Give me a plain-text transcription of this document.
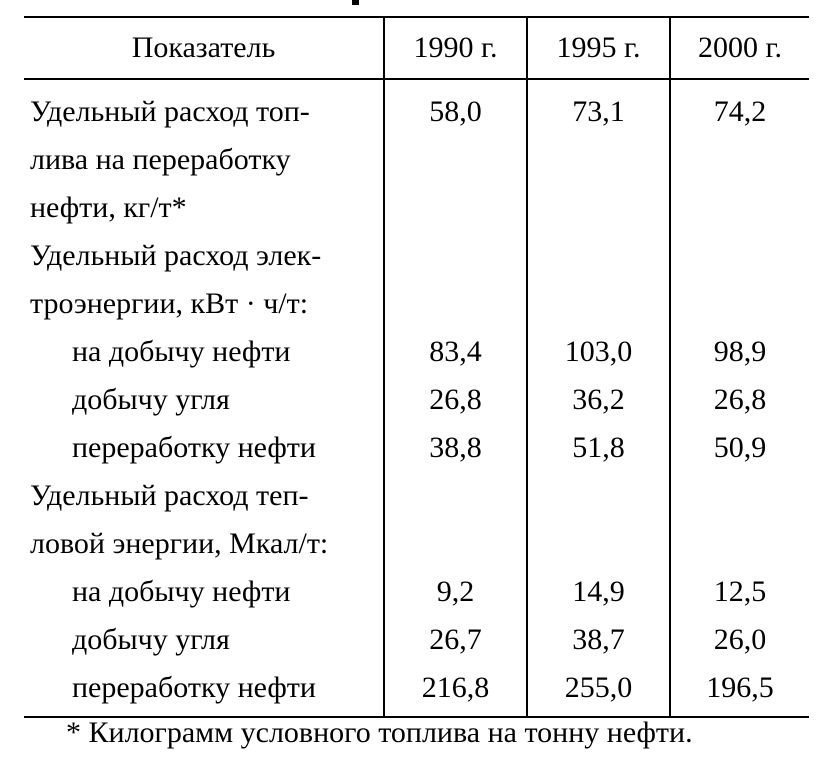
Показатель	1990 г.	1995 г.	2000 г.

Удельный расход топ-
лива на переработку
нефти, кг/т*	58,0	73,1	74,2

Удельный расход элек-
троэнергии, кВт · ч/т:			

на добычу нефти	83,4	103,0	98,9
добычу угля	26,8	36,2	26,8
переработку нефти	38,8	51,8	50,9

Удельный расход теп-
ловой энергии, Мкал/т:			

на добычу нефти	9,2	14,9	12,5
добычу угля	26,7	38,7	26,0
переработку нефти	216,8	255,0	196,5
* Килограмм условного топлива на тонну нефти.
